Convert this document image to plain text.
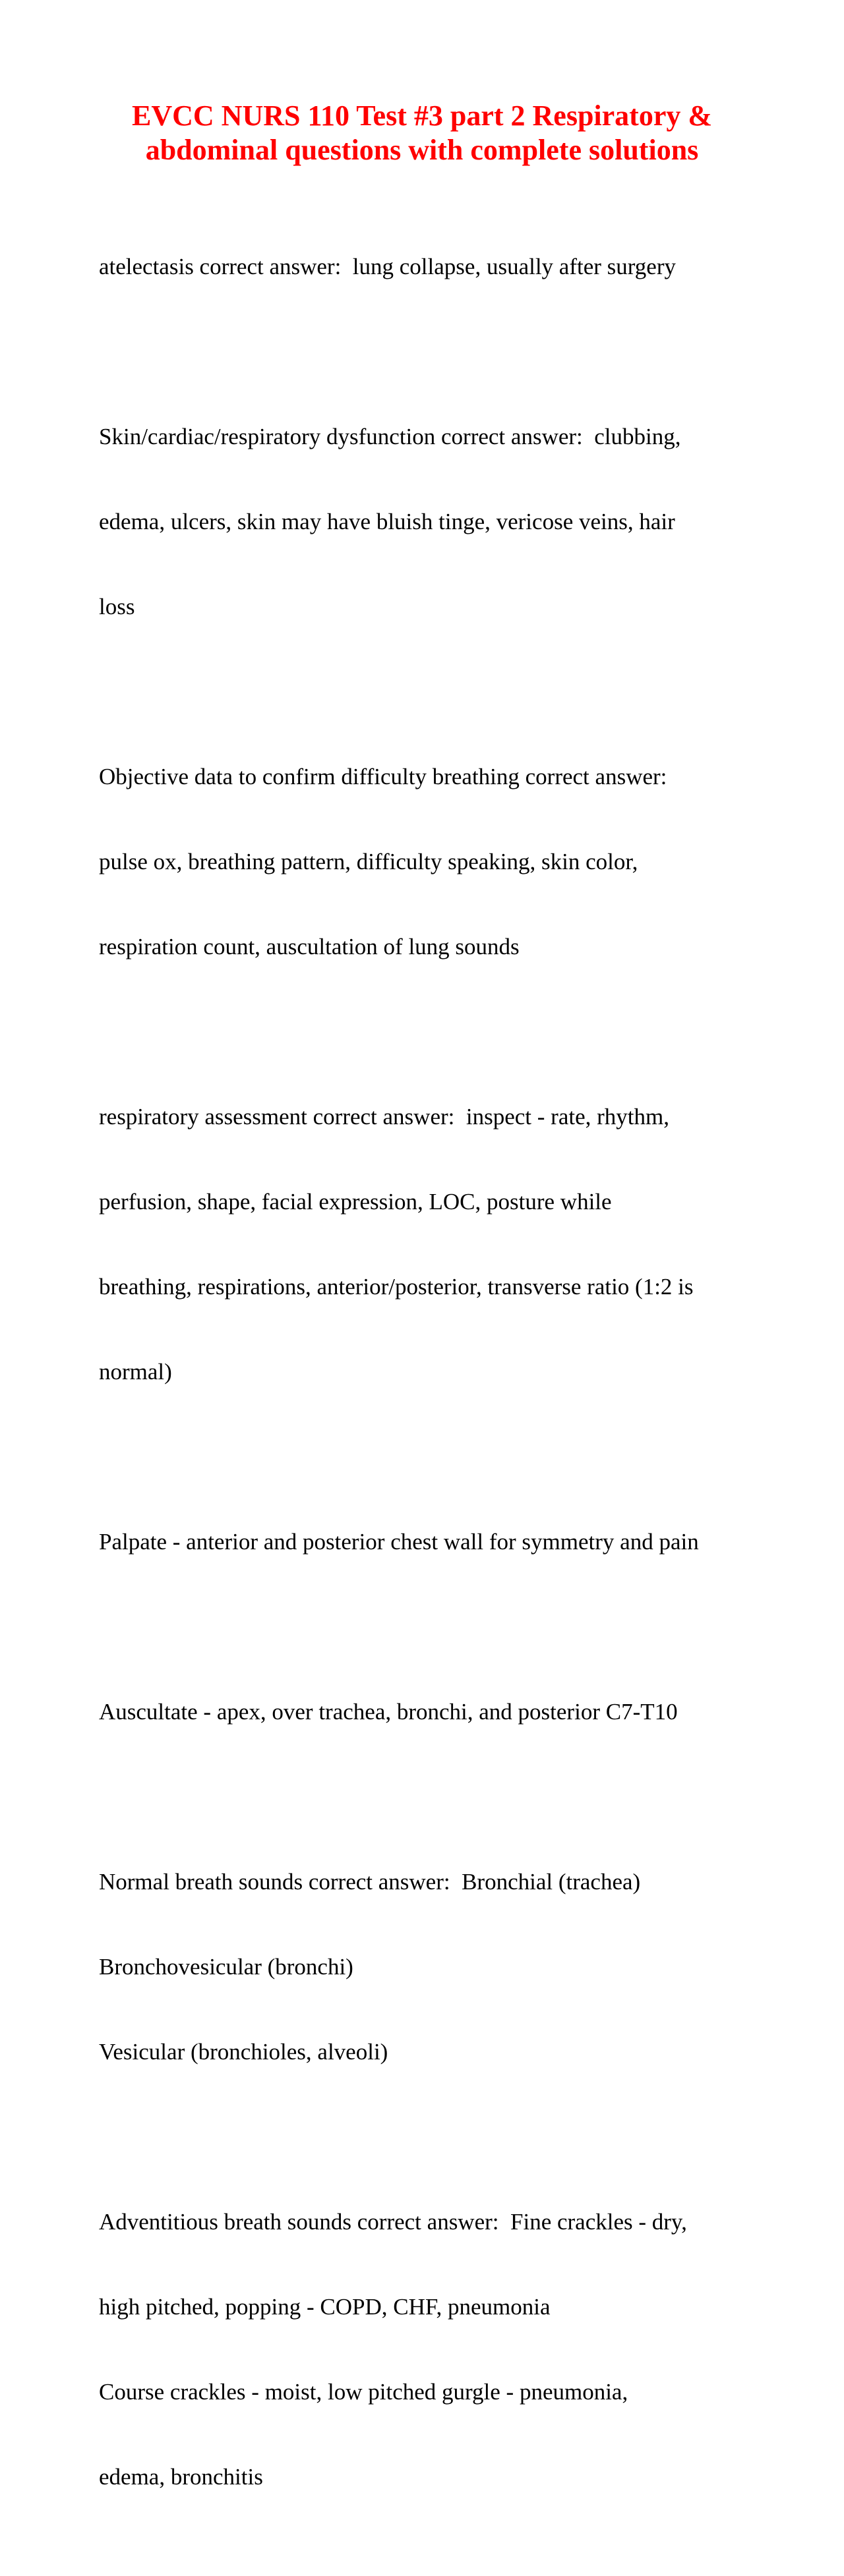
EVCC NURS 110 Test #3 part 2 Respiratory &
abdominal questions with complete solutions

atelectasis correct answer:  lung collapse, usually after surgery

Skin/cardiac/respiratory dysfunction correct answer:  clubbing,

edema, ulcers, skin may have bluish tinge, vericose veins, hair

loss

Objective data to confirm difficulty breathing correct answer:

pulse ox, breathing pattern, difficulty speaking, skin color,

respiration count, auscultation of lung sounds

respiratory assessment correct answer:  inspect - rate, rhythm,

perfusion, shape, facial expression, LOC, posture while

breathing, respirations, anterior/posterior, transverse ratio (1:2 is

normal)

Palpate - anterior and posterior chest wall for symmetry and pain

Auscultate - apex, over trachea, bronchi, and posterior C7-T10

Normal breath sounds correct answer:  Bronchial (trachea)

Bronchovesicular (bronchi)

Vesicular (bronchioles, alveoli)

Adventitious breath sounds correct answer:  Fine crackles - dry,

high pitched, popping - COPD, CHF, pneumonia

Course crackles - moist, low pitched gurgle - pneumonia,

edema, bronchitis
